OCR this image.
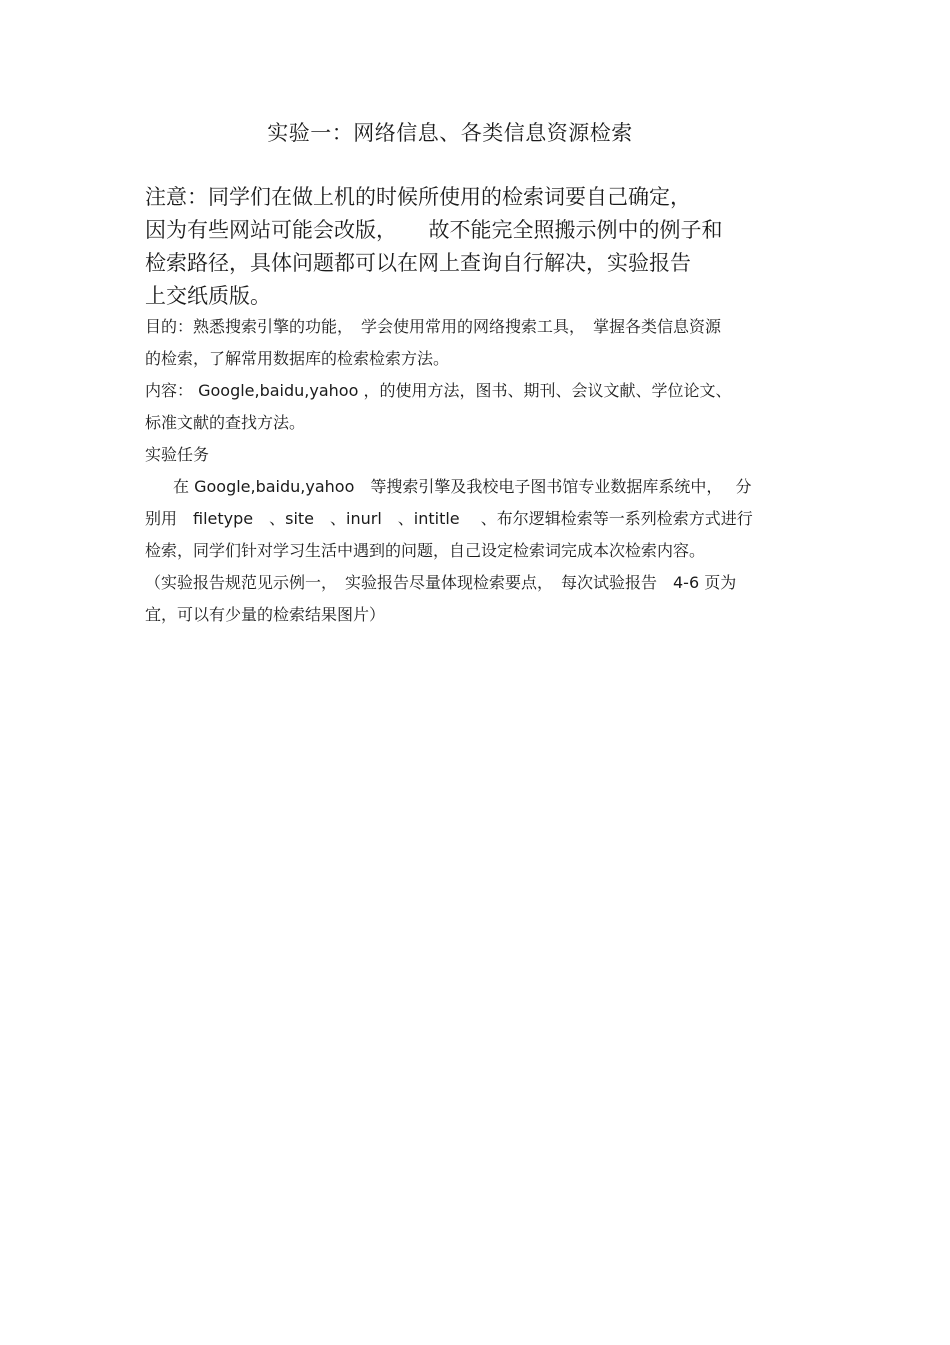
实验一：网络信息、各类信息资源检索
注意：同学们在做上机的时候所使用的检索词要自己确定，
因为有些网站可能会改版，　　故不能完全照搬示例中的例子和
检索路径，具体问题都可以在网上查询自行解决，实验报告
上交纸质版。
目的：熟悉搜索引擎的功能，　学会使用常用的网络搜索工具，　掌握各类信息资源
的检索，了解常用数据库的检索检索方法。
内容： Google,baidu,yahoo ，的使用方法，图书、期刊、会议文献、学位论文、
标准文献的查找方法。
实验任务
在 Google,baidu,yahoo　等搜索引擎及我校电子图书馆专业数据库系统中，　 分
别用　filetype　、site　、inurl　、intitle　 、布尔逻辑检索等一系列检索方式进行
检索，同学们针对学习生活中遇到的问题，自己设定检索词完成本次检索内容。
（实验报告规范见示例一，　实验报告尽量体现检索要点，　每次试验报告　4-6 页为
宜，可以有少量的检索结果图片）
